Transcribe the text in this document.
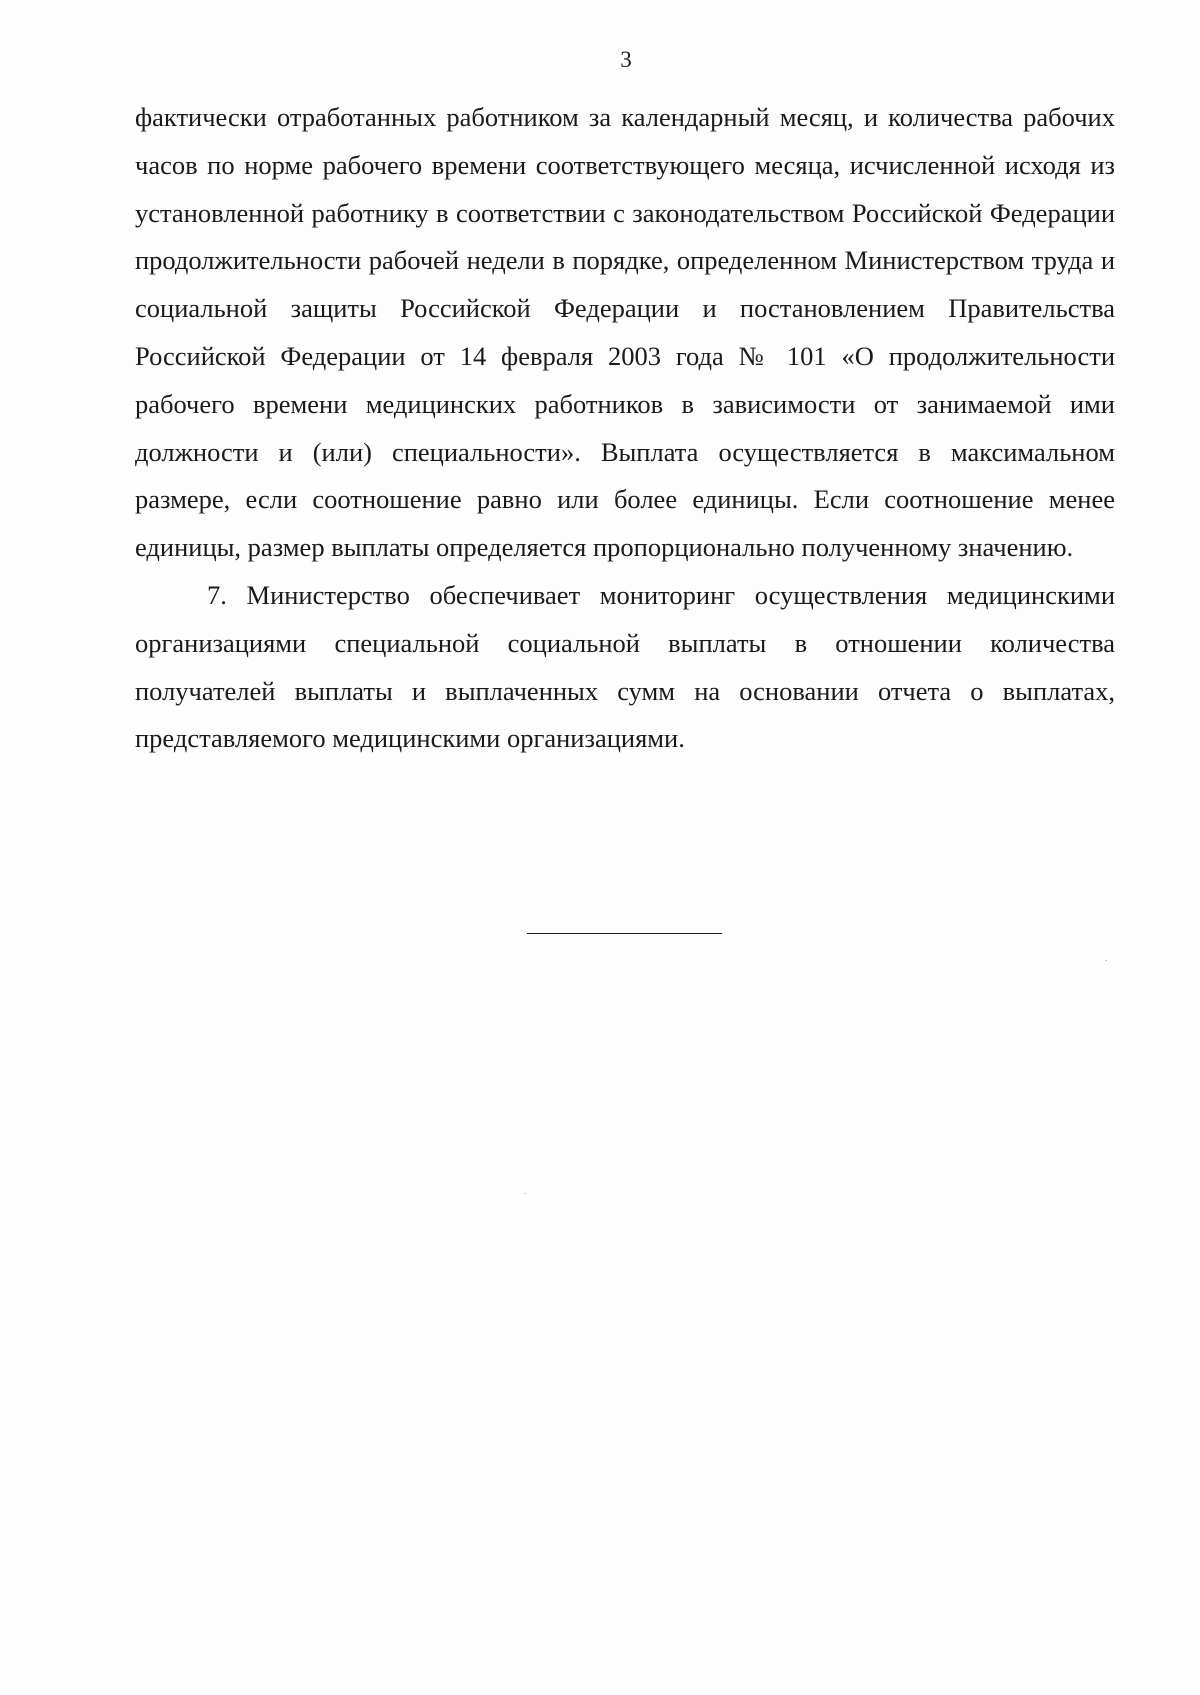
3

фактически отработанных работником за календарный месяц, и количества рабочих часов по норме рабочего времени соответствующего месяца, исчисленной исходя из установленной работнику в соответствии с законодательством Российской Федерации продолжительности рабочей недели в порядке, определенном Министерством труда и социальной защиты Российской Федерации и постановлением Правительства Российской Федерации от 14 февраля 2003 года № 101 «О продолжительности рабочего времени медицинских работников в зависимости от занимаемой ими должности и (или) специальности». Выплата осуществляется в максимальном размере, если соотношение равно или более единицы. Если соотношение менее единицы, размер выплаты определяется пропорционально полученному значению.

7. Министерство обеспечивает мониторинг осуществления медицинскими организациями специальной социальной выплаты в отношении количества получателей выплаты и выплаченных сумм на основании отчета о выплатах, представляемого медицинскими организациями.
